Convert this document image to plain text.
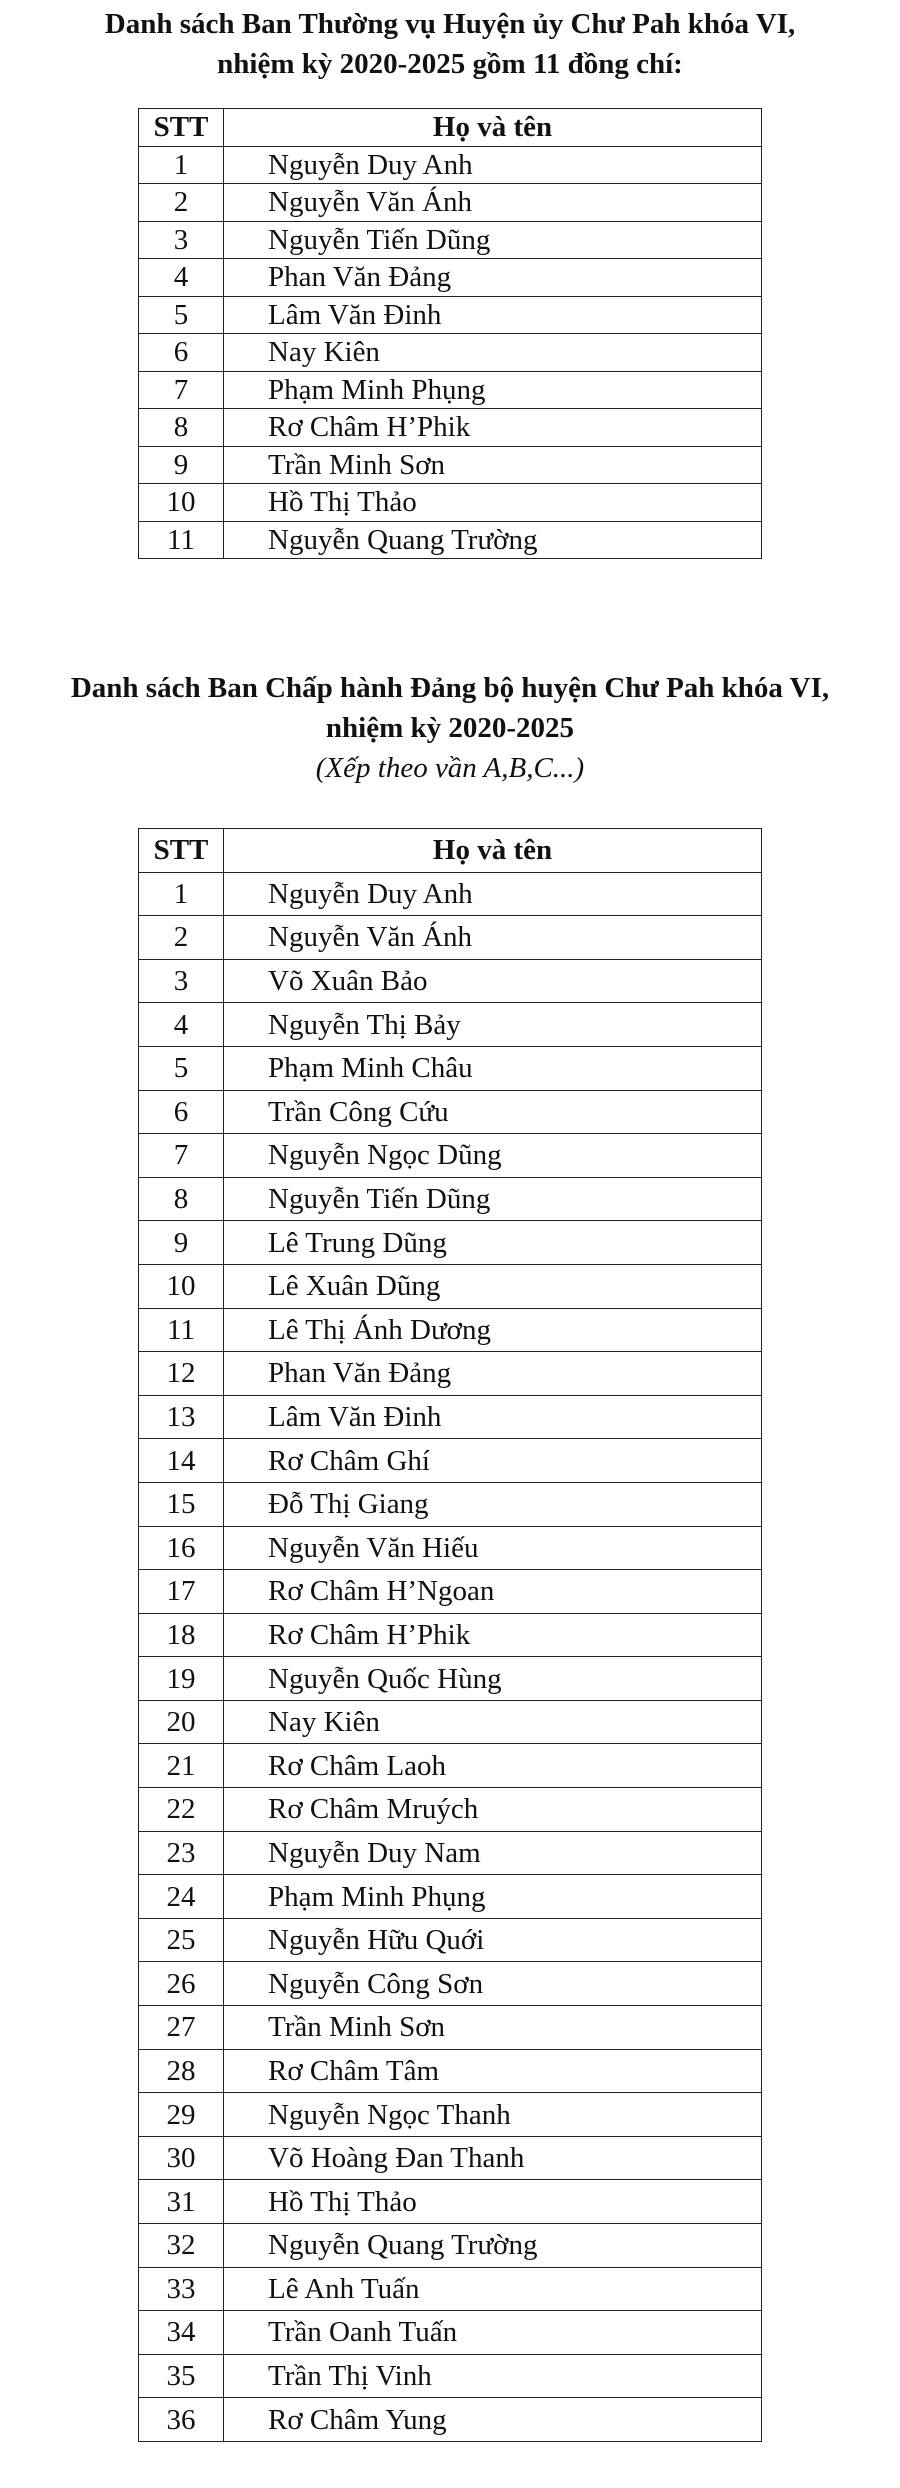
Danh sách Ban Thường vụ Huyện ủy Chư Pah khóa VI,
nhiệm kỳ 2020-2025 gồm 11 đồng chí:
STT	Họ và tên
1	Nguyễn Duy Anh
2	Nguyễn Văn Ánh
3	Nguyễn Tiến Dũng
4	Phan Văn Đảng
5	Lâm Văn Đinh
6	Nay Kiên
7	Phạm Minh Phụng
8	Rơ Châm H’Phik
9	Trần Minh Sơn
10	Hồ Thị Thảo
11	Nguyễn Quang Trường
Danh sách Ban Chấp hành Đảng bộ huyện Chư Pah khóa VI,
nhiệm kỳ 2020-2025
(Xếp theo vần A,B,C...)
STT	Họ và tên
1	Nguyễn Duy Anh
2	Nguyễn Văn Ánh
3	Võ Xuân Bảo
4	Nguyễn Thị Bảy
5	Phạm Minh Châu
6	Trần Công Cứu
7	Nguyễn Ngọc Dũng
8	Nguyễn Tiến Dũng
9	Lê Trung Dũng
10	Lê Xuân Dũng
11	Lê Thị Ánh Dương
12	Phan Văn Đảng
13	Lâm Văn Đinh
14	Rơ Châm Ghí
15	Đỗ Thị Giang
16	Nguyễn Văn Hiếu
17	Rơ Châm H’Ngoan
18	Rơ Châm H’Phik
19	Nguyễn Quốc Hùng
20	Nay Kiên
21	Rơ Châm Laoh
22	Rơ Châm Mruých
23	Nguyễn Duy Nam
24	Phạm Minh Phụng
25	Nguyễn Hữu Quới
26	Nguyễn Công Sơn
27	Trần Minh Sơn
28	Rơ Châm Tâm
29	Nguyễn Ngọc Thanh
30	Võ Hoàng Đan Thanh
31	Hồ Thị Thảo
32	Nguyễn Quang Trường
33	Lê Anh Tuấn
34	Trần Oanh Tuấn
35	Trần Thị Vinh
36	Rơ Châm Yung
